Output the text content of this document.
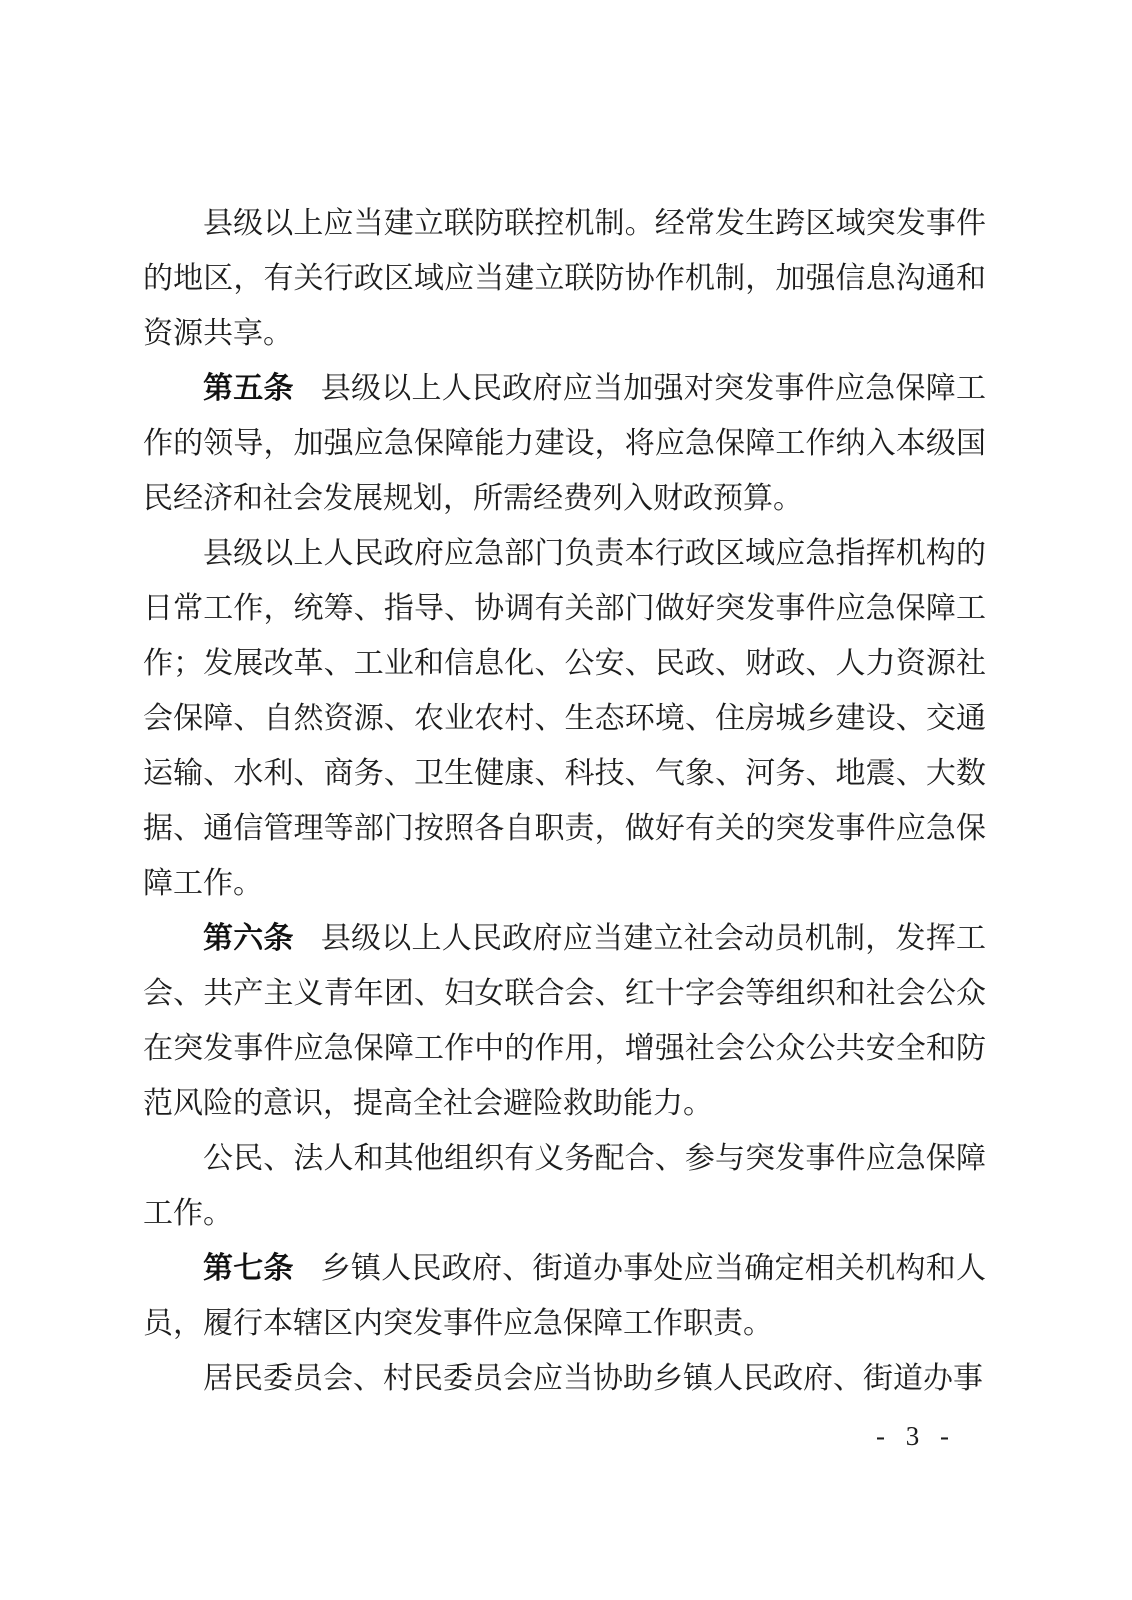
县级以上应当建立联防联控机制。经常发生跨区域突发事件的地区，有关行政区域应当建立联防协作机制，加强信息沟通和资源共享。

第五条 县级以上人民政府应当加强对突发事件应急保障工作的领导，加强应急保障能力建设，将应急保障工作纳入本级国民经济和社会发展规划，所需经费列入财政预算。

县级以上人民政府应急部门负责本行政区域应急指挥机构的日常工作，统筹、指导、协调有关部门做好突发事件应急保障工作；发展改革、工业和信息化、公安、民政、财政、人力资源社会保障、自然资源、农业农村、生态环境、住房城乡建设、交通运输、水利、商务、卫生健康、科技、气象、河务、地震、大数据、通信管理等部门按照各自职责，做好有关的突发事件应急保障工作。

第六条 县级以上人民政府应当建立社会动员机制，发挥工会、共产主义青年团、妇女联合会、红十字会等组织和社会公众在突发事件应急保障工作中的作用，增强社会公众公共安全和防范风险的意识，提高全社会避险救助能力。

公民、法人和其他组织有义务配合、参与突发事件应急保障工作。

第七条 乡镇人民政府、街道办事处应当确定相关机构和人员，履行本辖区内突发事件应急保障工作职责。

居民委员会、村民委员会应当协助乡镇人民政府、街道办事

- 3 -
